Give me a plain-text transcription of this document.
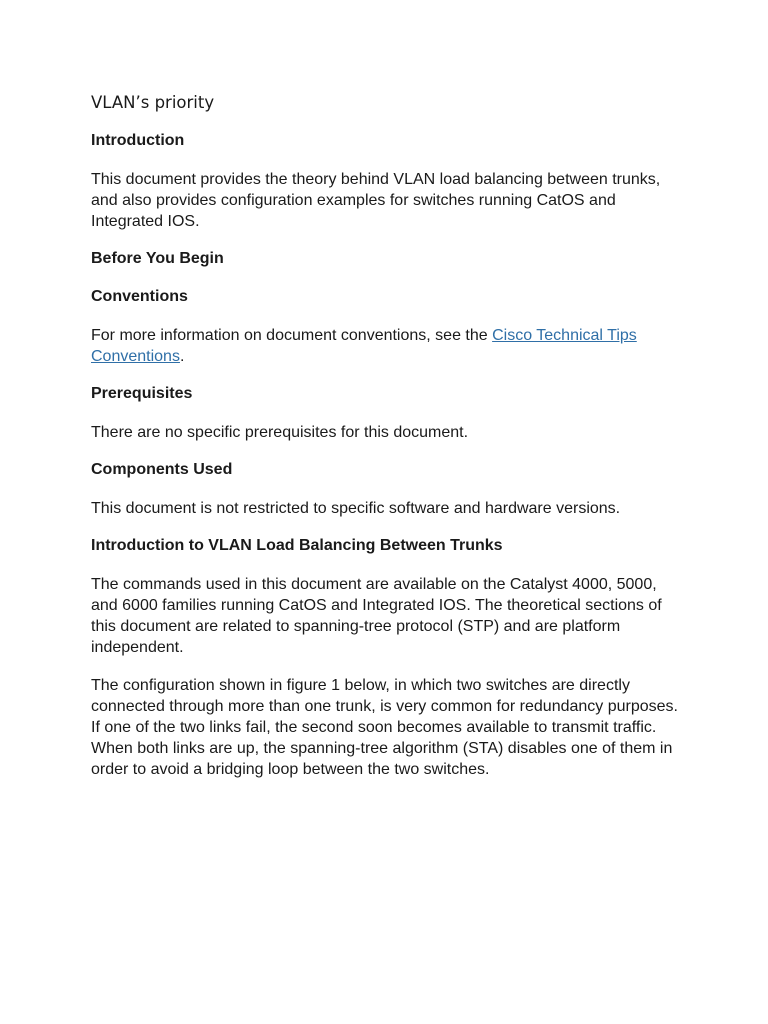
VLAN’s priority
Introduction
This document provides the theory behind VLAN load balancing between trunks, and also provides configuration examples for switches running CatOS and Integrated IOS.
Before You Begin
Conventions
For more information on document conventions, see the Cisco Technical Tips Conventions.
Prerequisites
There are no specific prerequisites for this document.
Components Used
This document is not restricted to specific software and hardware versions.
Introduction to VLAN Load Balancing Between Trunks
The commands used in this document are available on the Catalyst 4000, 5000, and 6000 families running CatOS and Integrated IOS. The theoretical sections of this document are related to spanning-tree protocol (STP) and are platform independent.
The configuration shown in figure 1 below, in which two switches are directly connected through more than one trunk, is very common for redundancy purposes. If one of the two links fail, the second soon becomes available to transmit traffic. When both links are up, the spanning-tree algorithm (STA) disables one of them in order to avoid a bridging loop between the two switches.
